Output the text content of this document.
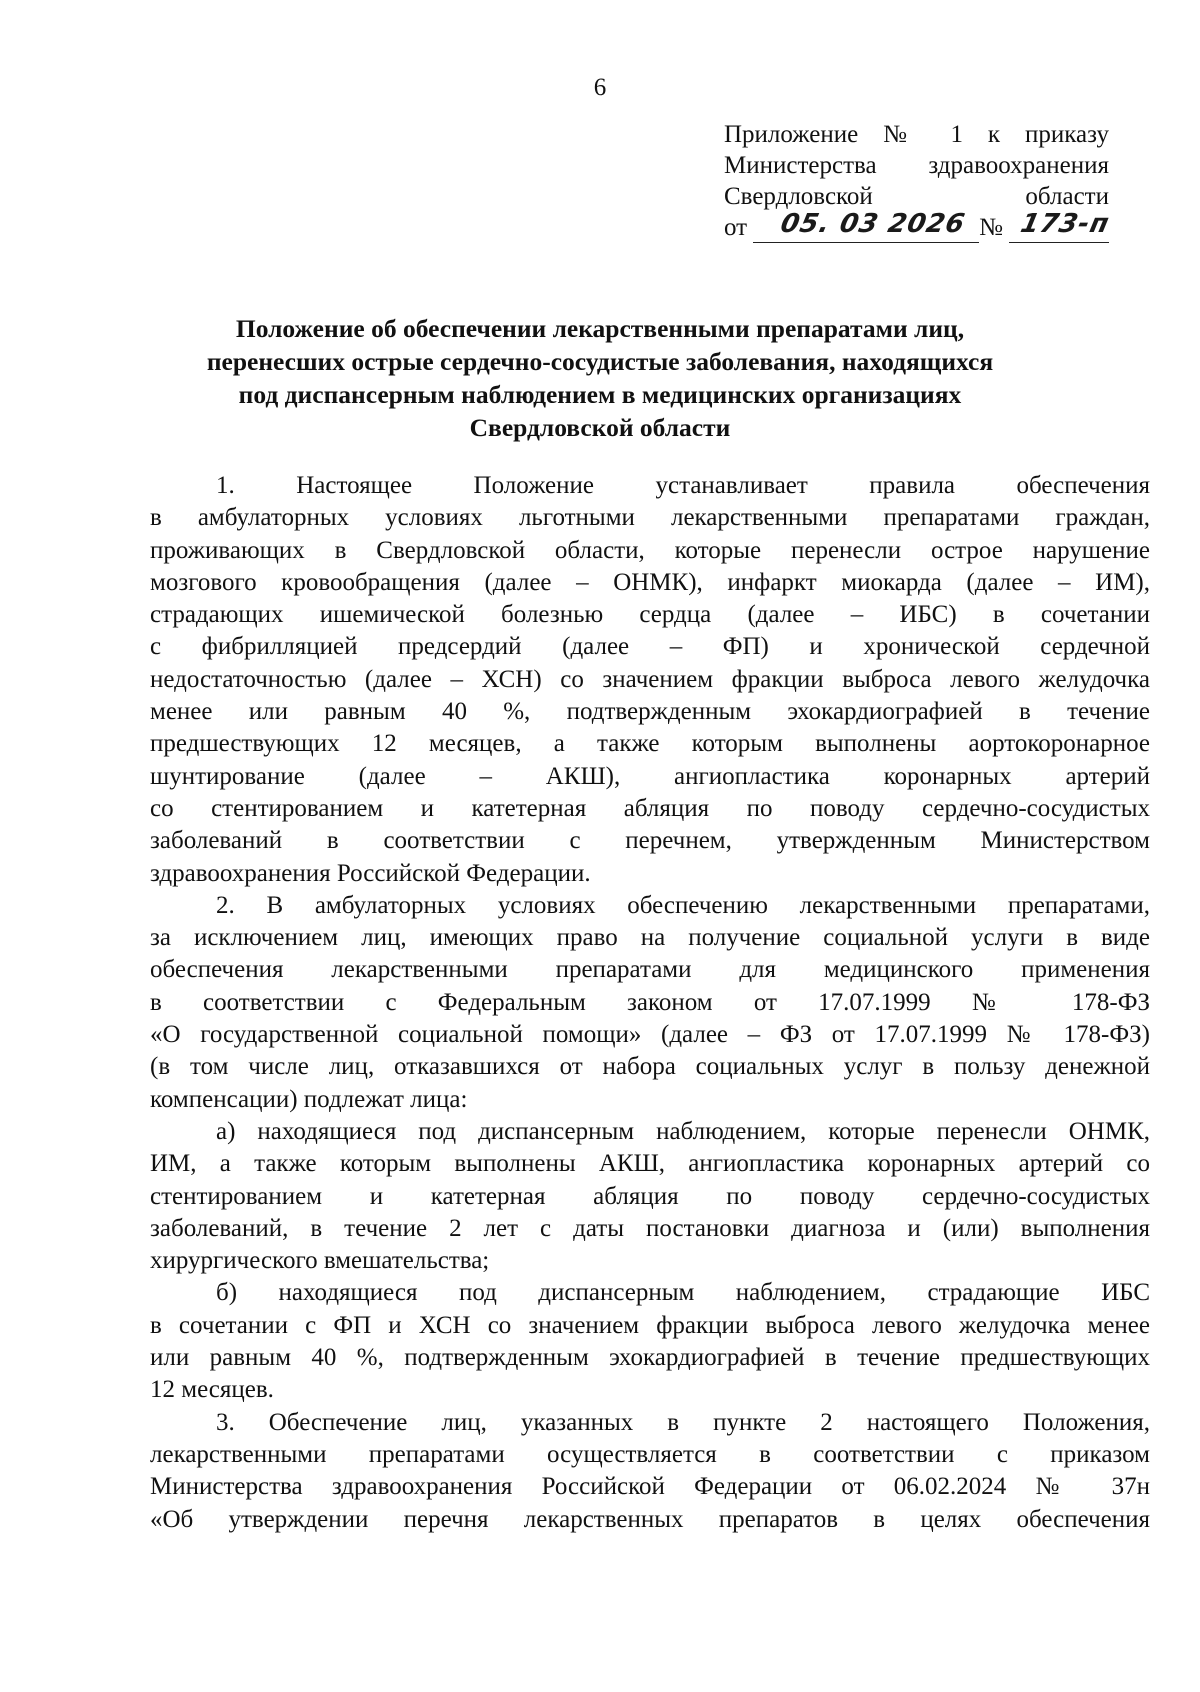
6
Приложение № 1 к приказу
Министерства здравоохранения
Свердловской области
от 05. 03 2026 № 173-п
Положение об обеспечении лекарственными препаратами лиц,
перенесших острые сердечно-сосудистые заболевания, находящихся
под диспансерным наблюдением в медицинских организациях
Свердловской области
1. Настоящее Положение устанавливает правила обеспечения
в амбулаторных условиях льготными лекарственными препаратами граждан,
проживающих в Свердловской области, которые перенесли острое нарушение
мозгового кровообращения (далее – ОНМК), инфаркт миокарда (далее – ИМ),
страдающих ишемической болезнью сердца (далее – ИБС) в сочетании
с фибрилляцией предсердий (далее – ФП) и хронической сердечной
недостаточностью (далее – ХСН) со значением фракции выброса левого желудочка
менее или равным 40 %, подтвержденным эхокардиографией в течение
предшествующих 12 месяцев, а также которым выполнены аортокоронарное
шунтирование (далее – АКШ), ангиопластика коронарных артерий
со стентированием и катетерная абляция по поводу сердечно-сосудистых
заболеваний в соответствии с перечнем, утвержденным Министерством
здравоохранения Российской Федерации.
2. В амбулаторных условиях обеспечению лекарственными препаратами,
за исключением лиц, имеющих право на получение социальной услуги в виде
обеспечения лекарственными препаратами для медицинского применения
в соответствии с Федеральным законом от 17.07.1999 № 178-ФЗ
«О государственной социальной помощи» (далее – ФЗ от 17.07.1999 № 178-ФЗ)
(в том числе лиц, отказавшихся от набора социальных услуг в пользу денежной
компенсации) подлежат лица:
а) находящиеся под диспансерным наблюдением, которые перенесли ОНМК,
ИМ, а также которым выполнены АКШ, ангиопластика коронарных артерий со
стентированием и катетерная абляция по поводу сердечно-сосудистых
заболеваний, в течение 2 лет с даты постановки диагноза и (или) выполнения
хирургического вмешательства;
б) находящиеся под диспансерным наблюдением, страдающие ИБС
в сочетании с ФП и ХСН со значением фракции выброса левого желудочка менее
или равным 40 %, подтвержденным эхокардиографией в течение предшествующих
12 месяцев.
3. Обеспечение лиц, указанных в пункте 2 настоящего Положения,
лекарственными препаратами осуществляется в соответствии с приказом
Министерства здравоохранения Российской Федерации от 06.02.2024 № 37н
«Об утверждении перечня лекарственных препаратов в целях обеспечения
